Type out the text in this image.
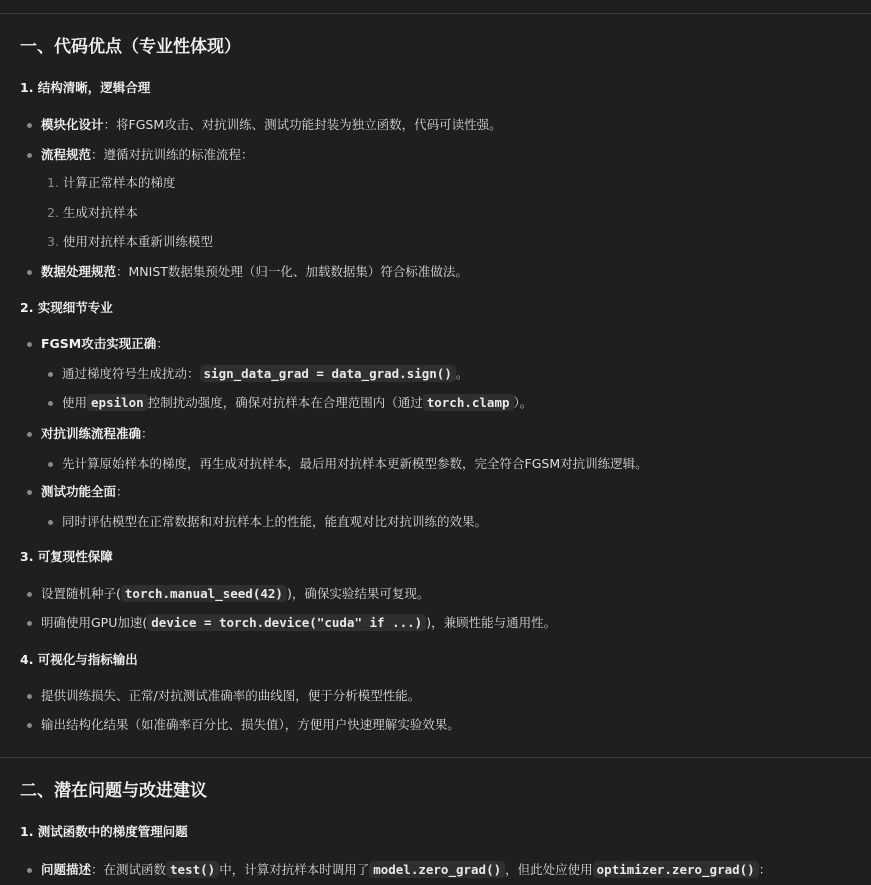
一、代码优点（专业性体现）
1. 结构清晰，逻辑合理
模块化设计：将FGSM攻击、对抗训练、测试功能封装为独立函数，代码可读性强。
流程规范：遵循对抗训练的标准流程：
1. 计算正常样本的梯度
2. 生成对抗样本
3. 使用对抗样本重新训练模型
数据处理规范：MNIST数据集预处理（归一化、加载数据集）符合标准做法。
2. 实现细节专业
FGSM攻击实现正确：
通过梯度符号生成扰动： sign_data_grad = data_grad.sign() 。
使用 epsilon 控制扰动强度，确保对抗样本在合理范围内（通过 torch.clamp ）。
对抗训练流程准确：
先计算原始样本的梯度，再生成对抗样本，最后用对抗样本更新模型参数，完全符合FGSM对抗训练逻辑。
测试功能全面：
同时评估模型在正常数据和对抗样本上的性能，能直观对比对抗训练的效果。
3. 可复现性保障
设置随机种子( torch.manual_seed(42) )，确保实验结果可复现。
明确使用GPU加速( device = torch.device("cuda" if ...) )，兼顾性能与通用性。
4. 可视化与指标输出
提供训练损失、正常/对抗测试准确率的曲线图，便于分析模型性能。
输出结构化结果（如准确率百分比、损失值），方便用户快速理解实验效果。
二、潜在问题与改进建议
1. 测试函数中的梯度管理问题
问题描述：在测试函数 test() 中，计算对抗样本时调用了 model.zero_grad() ，但此处应使用 optimizer.zero_grad() ：
